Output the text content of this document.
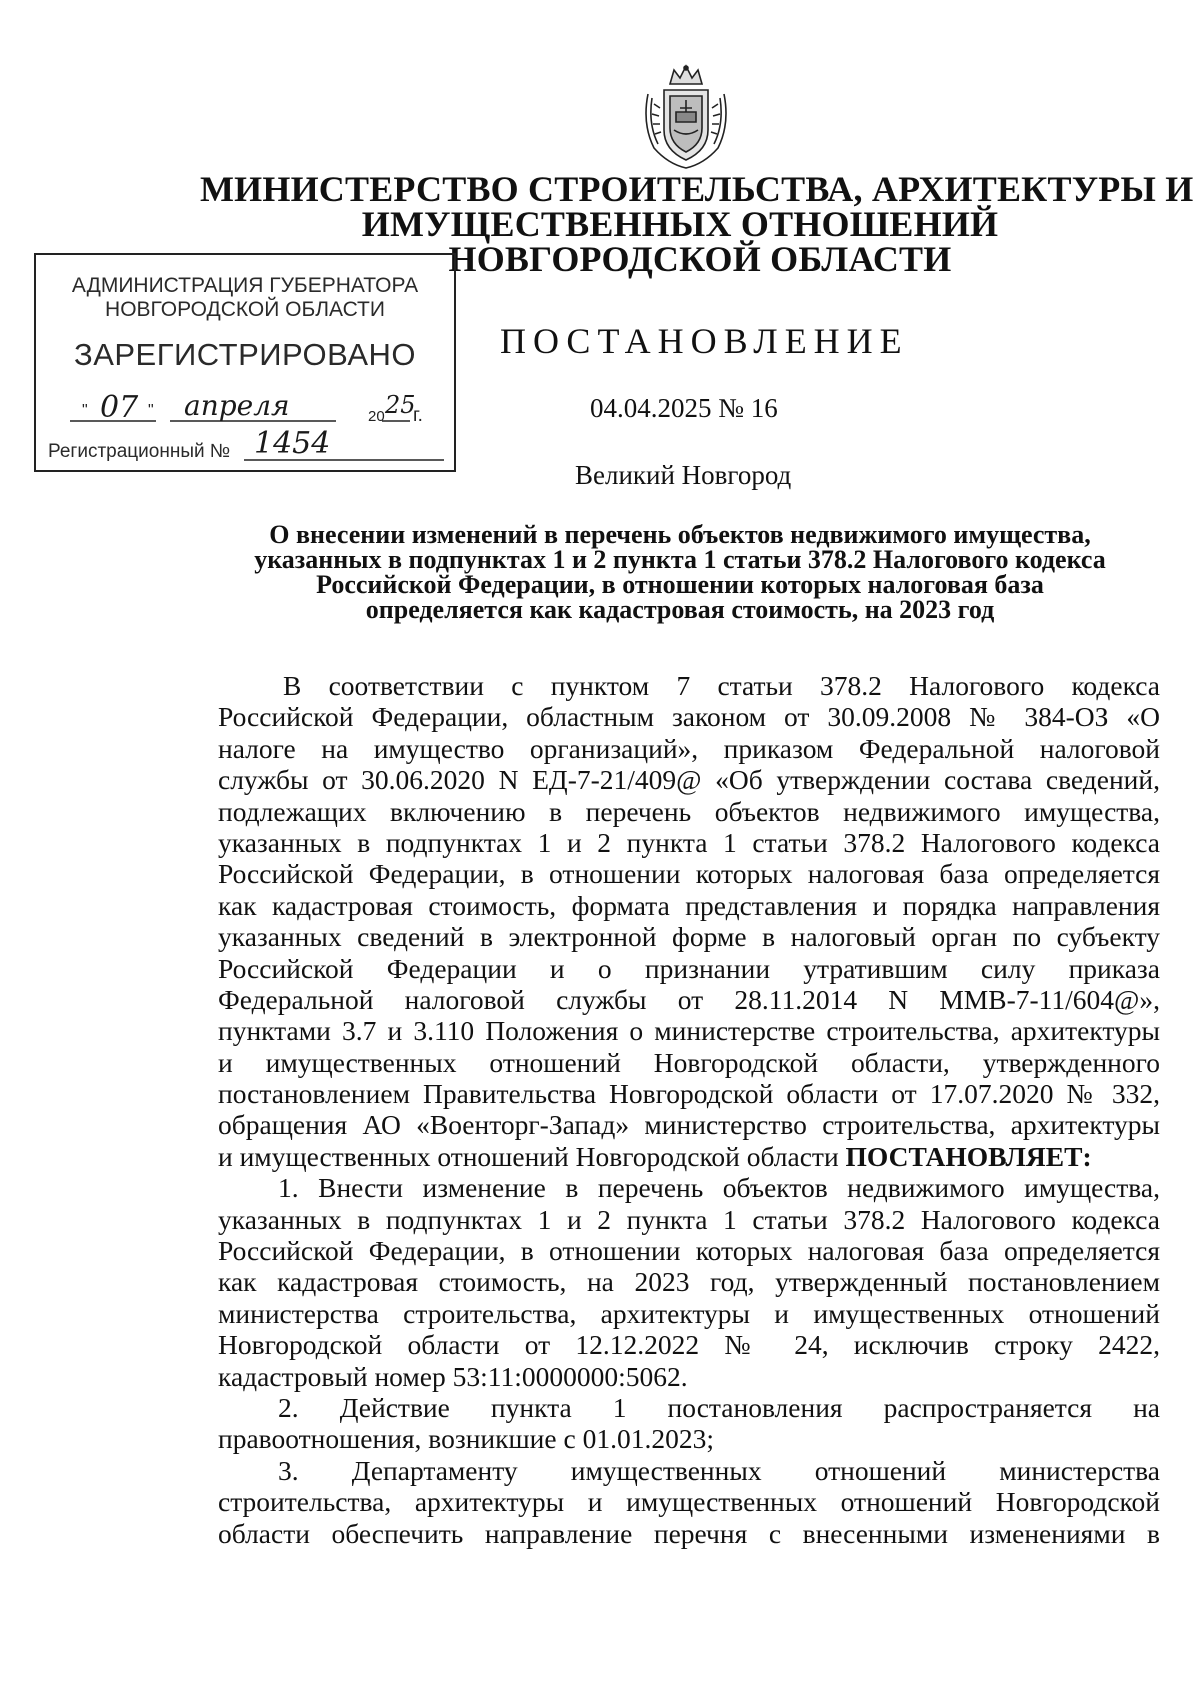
МИНИСТЕРСТВО СТРОИТЕЛЬСТВА, АРХИТЕКТУРЫ И
ИМУЩЕСТВЕННЫХ ОТНОШЕНИЙ
НОВГОРОДСКОЙ ОБЛАСТИ
АДМИНИСТРАЦИЯ ГУБЕРНАТОРА
НОВГОРОДСКОЙ ОБЛАСТИ
ЗАРЕГИСТРИРОВАНО
"	"	20 г.
07 апреля	25
Регистрационный № 1454
ПОСТАНОВЛЕНИЕ
04.04.2025 № 16
Великий Новгород
О внесении изменений в перечень объектов недвижимого имущества,
указанных в подпунктах 1 и 2 пункта 1 статьи 378.2 Налогового кодекса
Российской Федерации, в отношении которых налоговая база
определяется как кадастровая стоимость, на 2023 год
В соответствии с пунктом 7 статьи 378.2 Налогового кодекса
Российской Федерации, областным законом от 30.09.2008 № 384-ОЗ «О
налоге на имущество организаций», приказом Федеральной налоговой
службы от 30.06.2020 N ЕД-7-21/409@ «Об утверждении состава сведений,
подлежащих включению в перечень объектов недвижимого имущества,
указанных в подпунктах 1 и 2 пункта 1 статьи 378.2 Налогового кодекса
Российской Федерации, в отношении которых налоговая база определяется
как кадастровая стоимость, формата представления и порядка направления
указанных сведений в электронной форме в налоговый орган по субъекту
Российской Федерации и о признании утратившим силу приказа
Федеральной налоговой службы от 28.11.2014 N ММВ-7-11/604@»,
пунктами 3.7 и 3.110 Положения о министерстве строительства, архитектуры
и имущественных отношений Новгородской области, утвержденного
постановлением Правительства Новгородской области от 17.07.2020 № 332,
обращения АО «Военторг-Запад» министерство строительства, архитектуры
и имущественных отношений Новгородской области ПОСТАНОВЛЯЕТ:
1. Внести изменение в перечень объектов недвижимого имущества,
указанных в подпунктах 1 и 2 пункта 1 статьи 378.2 Налогового кодекса
Российской Федерации, в отношении которых налоговая база определяется
как кадастровая стоимость, на 2023 год, утвержденный постановлением
министерства строительства, архитектуры и имущественных отношений
Новгородской области от 12.12.2022 № 24, исключив строку 2422,
кадастровый номер 53:11:0000000:5062.
2. Действие пункта 1 постановления распространяется на
правоотношения, возникшие с 01.01.2023;
3. Департаменту имущественных отношений министерства
строительства, архитектуры и имущественных отношений Новгородской
области обеспечить направление перечня с внесенными изменениями в
